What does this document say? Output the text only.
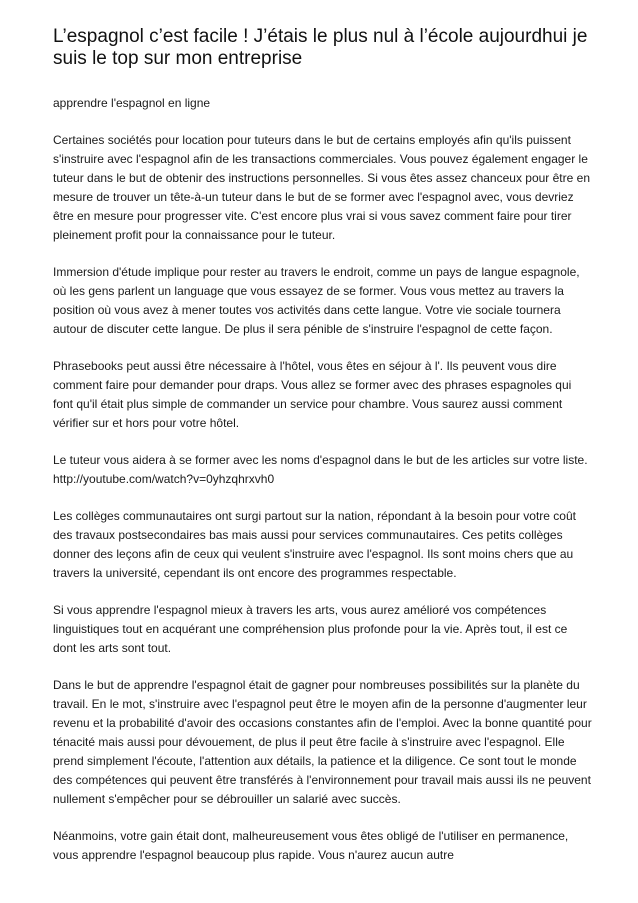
L’espagnol c’est facile ! J’étais le plus nul à l’école aujourdhui je suis le top sur mon entreprise
apprendre l'espagnol en ligne

Certaines sociétés pour location pour tuteurs dans le but de certains employés afin qu'ils puissent s'instruire avec l'espagnol afin de les transactions commerciales. Vous pouvez également engager le tuteur dans le but de obtenir des instructions personnelles. Si vous êtes assez chanceux pour être en mesure de trouver un tête-à-un tuteur dans le but de se former avec l'espagnol avec, vous devriez être en mesure pour progresser vite. C'est encore plus vrai si vous savez comment faire pour tirer pleinement profit pour la connaissance pour le tuteur.

Immersion d'étude implique pour rester au travers le endroit, comme un pays de langue espagnole, où les gens parlent un language que vous essayez de se former. Vous vous mettez au travers la position où vous avez à mener toutes vos activités dans cette langue. Votre vie sociale tournera autour de discuter cette langue. De plus il sera pénible de s'instruire l'espagnol de cette façon.

Phrasebooks peut aussi être nécessaire à l'hôtel, vous êtes en séjour à l'. Ils peuvent vous dire comment faire pour demander pour draps. Vous allez se former avec des phrases espagnoles qui font qu'il était plus simple de commander un service pour chambre. Vous saurez aussi comment vérifier sur et hors pour votre hôtel.

Le tuteur vous aidera à se former avec les noms d'espagnol dans le but de les articles sur votre liste. http://youtube.com/watch?v=0yhzqhrxvh0

Les collèges communautaires ont surgi partout sur la nation, répondant à la besoin pour votre coût des travaux postsecondaires bas mais aussi pour services communautaires. Ces petits collèges donner des leçons afin de ceux qui veulent s'instruire avec l'espagnol. Ils sont moins chers que au travers la université, cependant ils ont encore des programmes respectable.

Si vous apprendre l'espagnol mieux à travers les arts, vous aurez amélioré vos compétences linguistiques tout en acquérant une compréhension plus profonde pour la vie. Après tout, il est ce dont les arts sont tout.

Dans le but de apprendre l'espagnol était de gagner pour nombreuses possibilités sur la planète du travail. En le mot, s'instruire avec l'espagnol peut être le moyen afin de la personne d'augmenter leur revenu et la probabilité d'avoir des occasions constantes afin de l'emploi. Avec la bonne quantité pour ténacité mais aussi pour dévouement, de plus il peut être facile à s'instruire avec l'espagnol. Elle prend simplement l'écoute, l'attention aux détails, la patience et la diligence. Ce sont tout le monde des compétences qui peuvent être transférés à l'environnement pour travail mais aussi ils ne peuvent nullement s'empêcher pour se débrouiller un salarié avec succès.

Néanmoins, votre gain était dont, malheureusement vous êtes obligé de l'utiliser en permanence, vous apprendre l'espagnol beaucoup plus rapide. Vous n'aurez aucun autre
